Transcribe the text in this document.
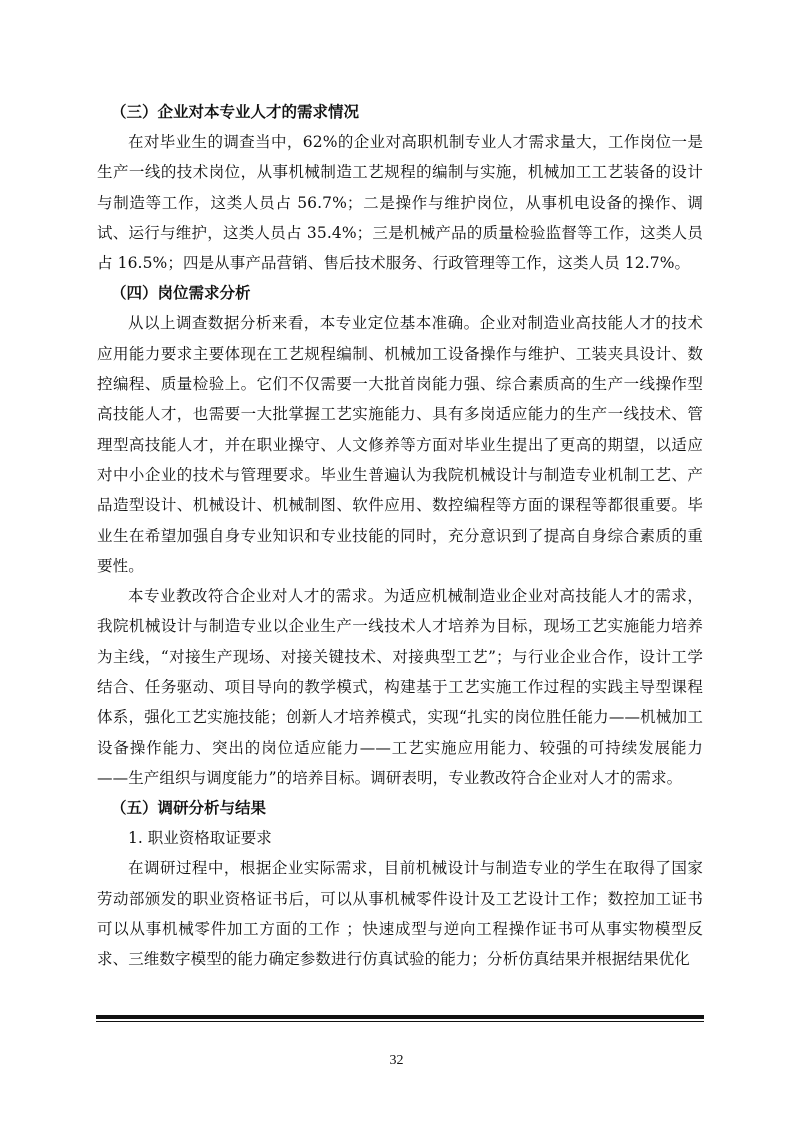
（三）企业对本专业人才的需求情况

在对毕业生的调查当中，62%的企业对高职机制专业人才需求量大，工作岗位一是生产一线的技术岗位，从事机械制造工艺规程的编制与实施，机械加工工艺装备的设计与制造等工作，这类人员占 56.7%；二是操作与维护岗位，从事机电设备的操作、调试、运行与维护，这类人员占 35.4%；三是机械产品的质量检验监督等工作，这类人员占 16.5%；四是从事产品营销、售后技术服务、行政管理等工作，这类人员 12.7%。

（四）岗位需求分析

从以上调查数据分析来看，本专业定位基本准确。企业对制造业高技能人才的技术应用能力要求主要体现在工艺规程编制、机械加工设备操作与维护、工装夹具设计、数控编程、质量检验上。它们不仅需要一大批首岗能力强、综合素质高的生产一线操作型高技能人才，也需要一大批掌握工艺实施能力、具有多岗适应能力的生产一线技术、管理型高技能人才，并在职业操守、人文修养等方面对毕业生提出了更高的期望，以适应对中小企业的技术与管理要求。毕业生普遍认为我院机械设计与制造专业机制工艺、产品造型设计、机械设计、机械制图、软件应用、数控编程等方面的课程等都很重要。毕业生在希望加强自身专业知识和专业技能的同时，充分意识到了提高自身综合素质的重要性。

本专业教改符合企业对人才的需求。为适应机械制造业企业对高技能人才的需求，我院机械设计与制造专业以企业生产一线技术人才培养为目标，现场工艺实施能力培养为主线，“对接生产现场、对接关键技术、对接典型工艺”；与行业企业合作，设计工学结合、任务驱动、项目导向的教学模式，构建基于工艺实施工作过程的实践主导型课程体系，强化工艺实施技能；创新人才培养模式，实现“扎实的岗位胜任能力——机械加工设备操作能力、突出的岗位适应能力——工艺实施应用能力、较强的可持续发展能力——生产组织与调度能力”的培养目标。调研表明，专业教改符合企业对人才的需求。

（五）调研分析与结果

1. 职业资格取证要求

在调研过程中，根据企业实际需求，目前机械设计与制造专业的学生在取得了国家劳动部颁发的职业资格证书后，可以从事机械零件设计及工艺设计工作；数控加工证书可以从事机械零件加工方面的工作 ；快速成型与逆向工程操作证书可从事实物模型反求、三维数字模型的能力确定参数进行仿真试验的能力；分析仿真结果并根据结果优化

32
